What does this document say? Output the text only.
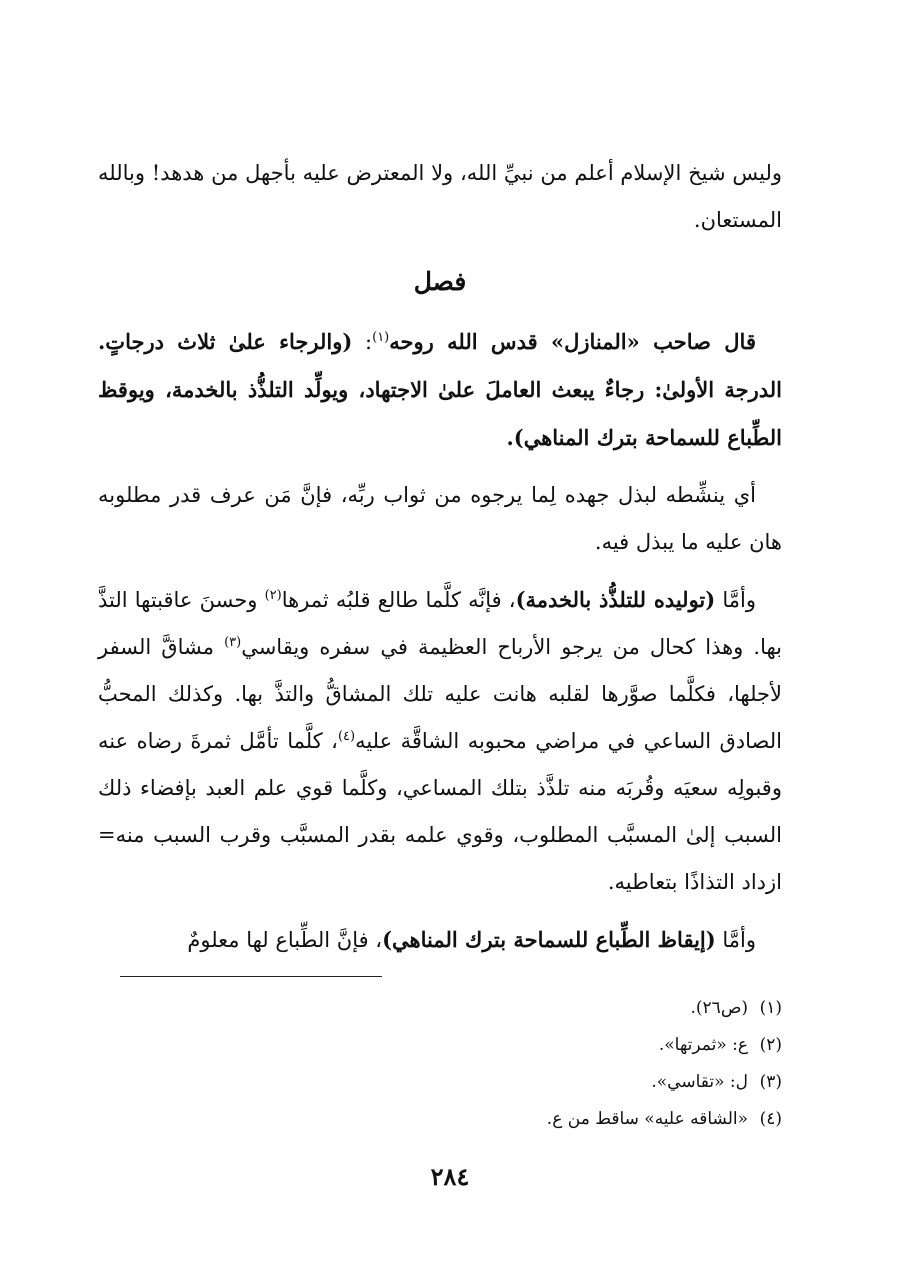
وليس شيخ الإسلام أعلم من نبيِّ الله، ولا المعترض عليه بأجهل من هدهد! وبالله المستعان.

فصل

قال صاحب «المنازل» قدس الله روحه$^{(١)}$: (والرجاء علىٰ ثلاث درجاتٍ. الدرجة الأولىٰ: رجاءٌ يبعث العاملَ علىٰ الاجتهاد، ويولِّد التلذُّذ بالخدمة، ويوقظ الطِّباع للسماحة بترك المناهي).

أي ينشِّطه لبذل جهده لِما يرجوه من ثواب ربِّه، فإنَّ مَن عرف قدر مطلوبه هان عليه ما يبذل فيه.

وأمَّا (توليده للتلذُّذ بالخدمة)، فإنَّه كلَّما طالع قلبُه ثمرها$^{(٢)}$ وحسنَ عاقبتها التذَّ بها. وهذا كحال من يرجو الأرباح العظيمة في سفره ويقاسي$^{(٣)}$ مشاقَّ السفر لأجلها، فكلَّما صوَّرها لقلبه هانت عليه تلك المشاقُّ والتذَّ بها. وكذلك المحبُّ الصادق الساعي في مراضي محبوبه الشاقَّة عليه$^{(٤)}$، كلَّما تأمَّل ثمرةَ رضاه عنه وقبولِه سعيَه وقُربَه منه تلذَّذ بتلك المساعي، وكلَّما قوي علم العبد بإفضاء ذلك السبب إلىٰ المسبَّب المطلوب، وقوي علمه بقدر المسبَّب وقرب السبب منه= ازداد التذاذًا بتعاطيه.

وأمَّا (إيقاظ الطِّباع للسماحة بترك المناهي)، فإنَّ الطِّباع لها معلومٌ

(١)(ص٢٦).

(٢)ع: «ثمرتها».

(٣)ل: «تقاسي».

(٤)«الشاقه عليه» ساقط من ع.

٢٨٤
